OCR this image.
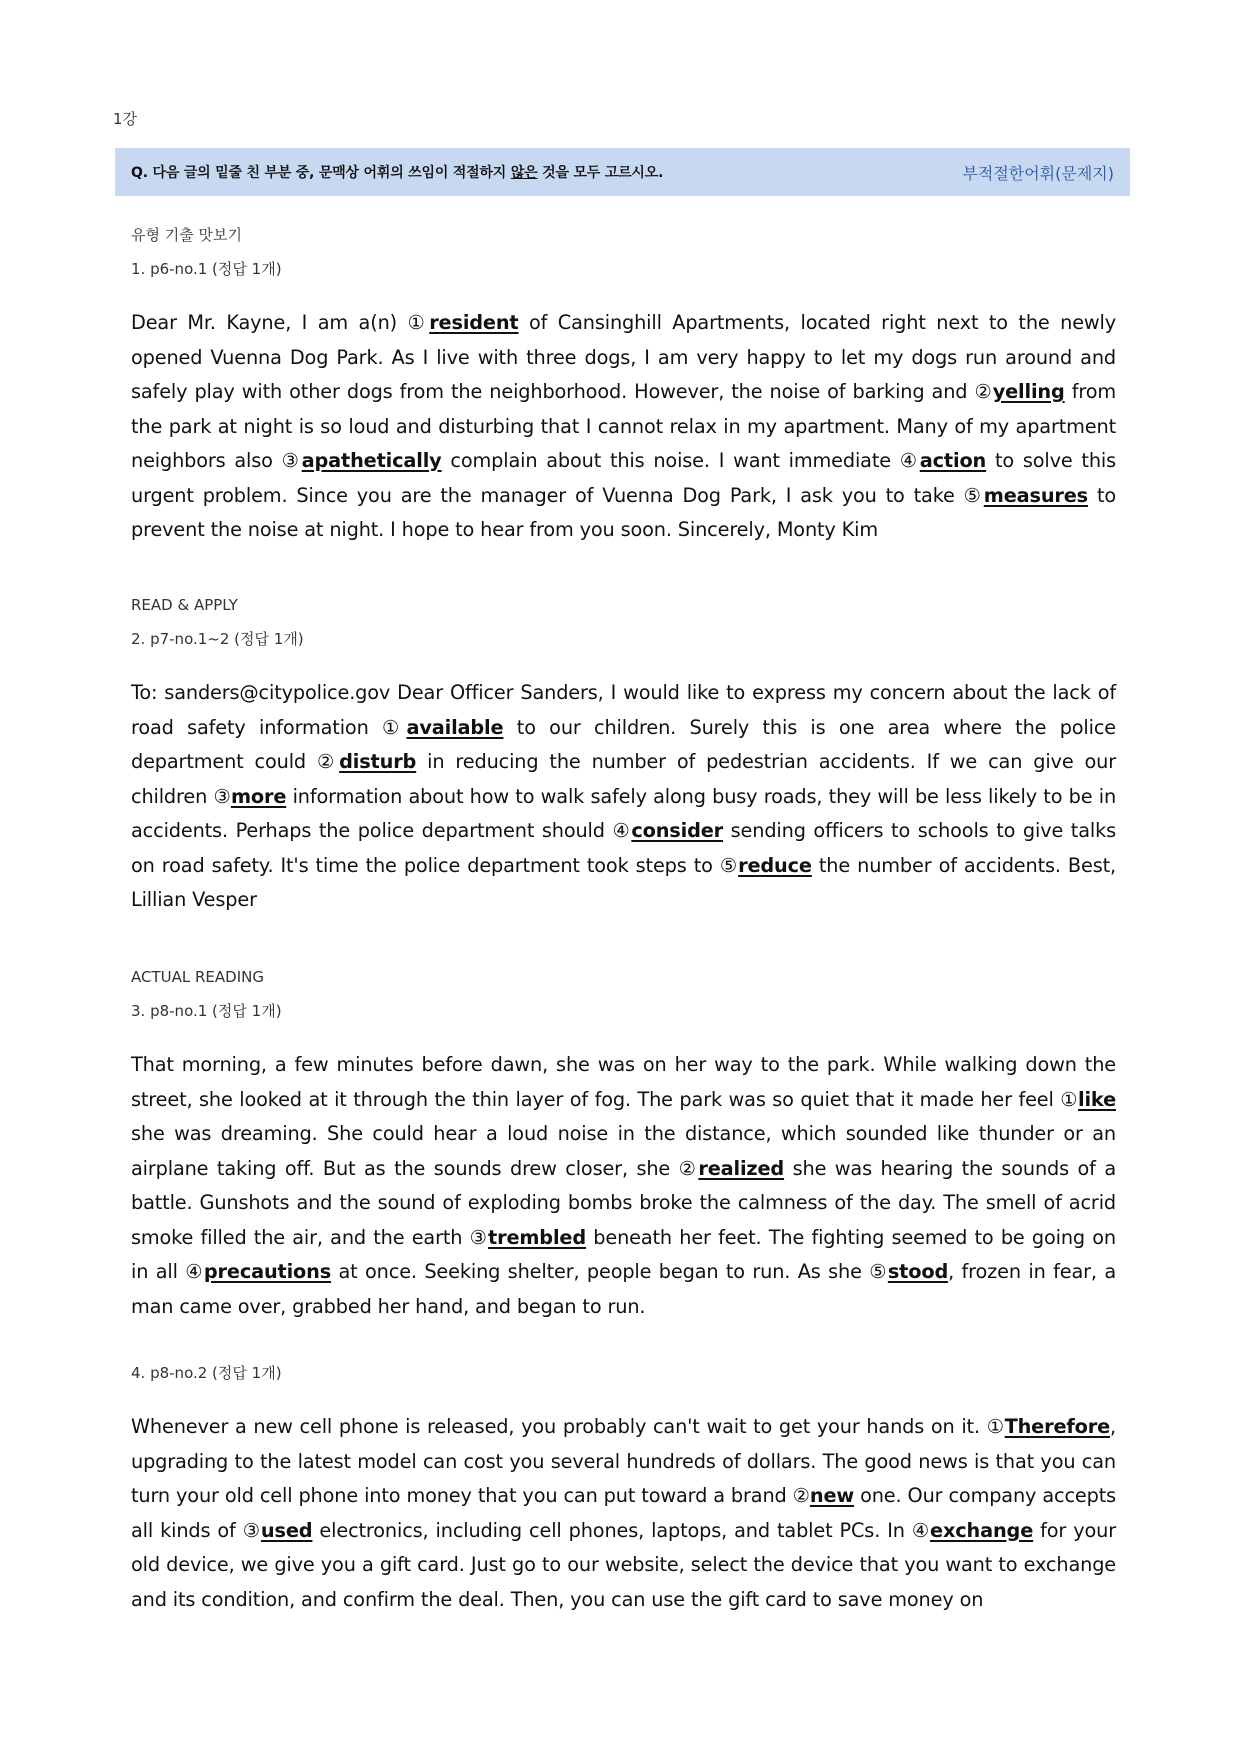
1강
Q. 다음 글의 밑줄 친 부분 중, 문맥상 어휘의 쓰임이 적절하지 않은 것을 모두 고르시오.	부적절한어휘(문제지)
유형 기출 맛보기
1. p6-no.1 (정답 1개)
Dear Mr. Kayne, I am a(n) ①resident of Cansinghill Apartments, located right next to the newly opened Vuenna Dog Park. As I live with three dogs, I am very happy to let my dogs run around and safely play with other dogs from the neighborhood. However, the noise of barking and ②yelling from the park at night is so loud and disturbing that I cannot relax in my apartment. Many of my apartment neighbors also ③apathetically complain about this noise. I want immediate ④action to solve this urgent problem. Since you are the manager of Vuenna Dog Park, I ask you to take ⑤measures to prevent the noise at night. I hope to hear from you soon. Sincerely, Monty Kim
READ & APPLY
2. p7-no.1~2 (정답 1개)
To: sanders@citypolice.gov Dear Officer Sanders, I would like to express my concern about the lack of road safety information ①available to our children. Surely this is one area where the police department could ②disturb in reducing the number of pedestrian accidents. If we can give our children ③more information about how to walk safely along busy roads, they will be less likely to be in accidents. Perhaps the police department should ④consider sending officers to schools to give talks on road safety. It's time the police department took steps to ⑤reduce the number of accidents. Best, Lillian Vesper
ACTUAL READING
3. p8-no.1 (정답 1개)
That morning, a few minutes before dawn, she was on her way to the park. While walking down the street, she looked at it through the thin layer of fog. The park was so quiet that it made her feel ①like she was dreaming. She could hear a loud noise in the distance, which sounded like thunder or an airplane taking off. But as the sounds drew closer, she ②realized she was hearing the sounds of a battle. Gunshots and the sound of exploding bombs broke the calmness of the day. The smell of acrid smoke filled the air, and the earth ③trembled beneath her feet. The fighting seemed to be going on in all ④precautions at once. Seeking shelter, people began to run. As she ⑤stood, frozen in fear, a man came over, grabbed her hand, and began to run.
4. p8-no.2 (정답 1개)
Whenever a new cell phone is released, you probably can't wait to get your hands on it. ①Therefore, upgrading to the latest model can cost you several hundreds of dollars. The good news is that you can turn your old cell phone into money that you can put toward a brand ②new one. Our company accepts all kinds of ③used electronics, including cell phones, laptops, and tablet PCs. In ④exchange for your old device, we give you a gift card. Just go to our website, select the device that you want to exchange and its condition, and confirm the deal. Then, you can use the gift card to save money on
